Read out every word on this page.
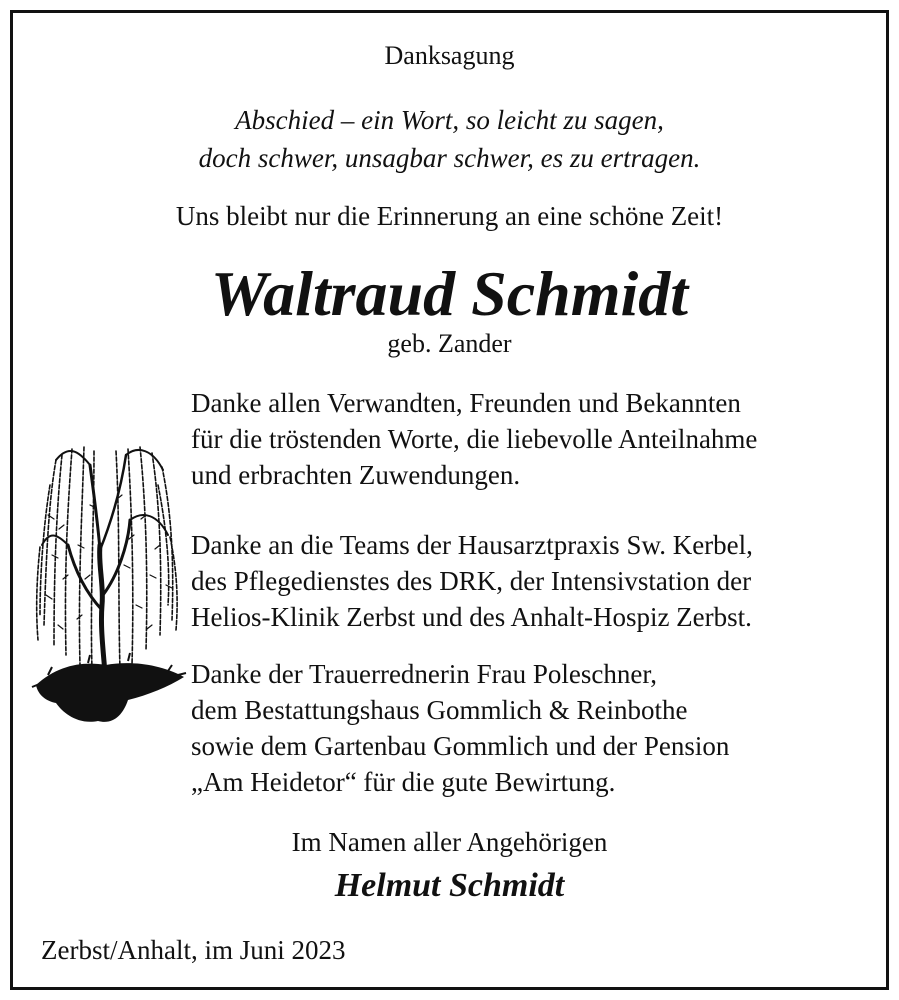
Danksagung
Abschied – ein Wort, so leicht zu sagen,
doch schwer, unsagbar schwer, es zu ertragen.
Uns bleibt nur die Erinnerung an eine schöne Zeit!
Waltraud Schmidt
geb. Zander
Danke allen Verwandten, Freunden und Bekannten
für die tröstenden Worte, die liebevolle Anteilnahme
und erbrachten Zuwendungen.
Danke an die Teams der Hausarztpraxis Sw. Kerbel,
des Pflegedienstes des DRK, der Intensivstation der
Helios-Klinik Zerbst und des Anhalt-Hospiz Zerbst.
Danke der Trauerrednerin Frau Poleschner,
dem Bestattungshaus Gommlich & Reinbothe
sowie dem Gartenbau Gommlich und der Pension
„Am Heidetor“ für die gute Bewirtung.
Im Namen aller Angehörigen
Helmut Schmidt
Zerbst/Anhalt, im Juni 2023
